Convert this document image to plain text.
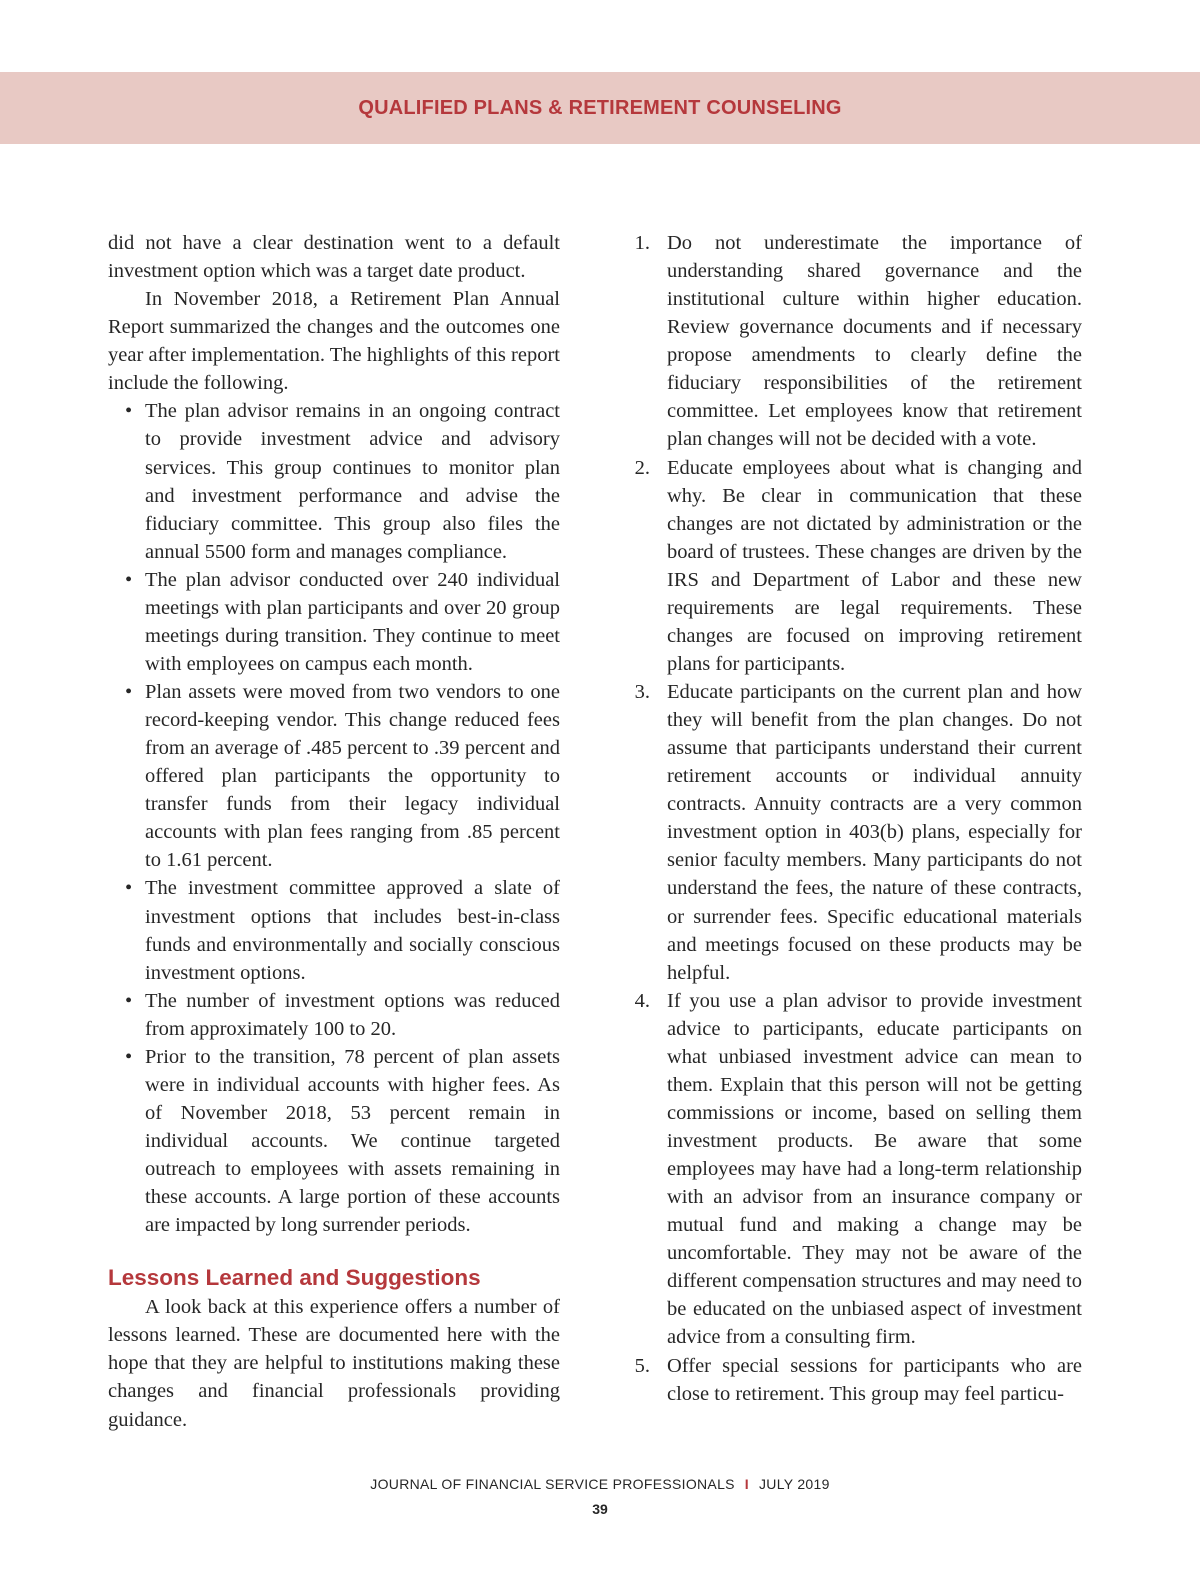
QUALIFIED PLANS & RETIREMENT COUNSELING

did not have a clear destination went to a default investment option which was a target date product.

In November 2018, a Retirement Plan Annual Report summarized the changes and the outcomes one year after implementation. The highlights of this report include the following.

• The plan advisor remains in an ongoing contract to provide investment advice and advisory services. This group continues to monitor plan and investment performance and advise the fiduciary committee. This group also files the annual 5500 form and manages compliance.
• The plan advisor conducted over 240 individual meetings with plan participants and over 20 group meetings during transition. They continue to meet with employees on campus each month.
• Plan assets were moved from two vendors to one record-keeping vendor. This change reduced fees from an average of .485 percent to .39 percent and offered plan participants the opportunity to transfer funds from their legacy individual accounts with plan fees ranging from .85 percent to 1.61 percent.
• The investment committee approved a slate of investment options that includes best-in-class funds and environmentally and socially conscious investment options.
• The number of investment options was reduced from approximately 100 to 20.
• Prior to the transition, 78 percent of plan assets were in individual accounts with higher fees. As of November 2018, 53 percent remain in individual accounts. We continue targeted outreach to employees with assets remaining in these accounts. A large portion of these accounts are impacted by long surrender periods.
Lessons Learned and Suggestions

A look back at this experience offers a number of lessons learned. These are documented here with the hope that they are helpful to institutions making these changes and financial professionals providing guidance.

1. Do not underestimate the importance of understanding shared governance and the institutional culture within higher education. Review governance documents and if necessary propose amendments to clearly define the fiduciary responsibilities of the retirement committee. Let employees know that retirement plan changes will not be decided with a vote.
2. Educate employees about what is changing and why. Be clear in communication that these changes are not dictated by administration or the board of trustees. These changes are driven by the IRS and Department of Labor and these new requirements are legal requirements. These changes are focused on improving retirement plans for participants.
3. Educate participants on the current plan and how they will benefit from the plan changes. Do not assume that participants understand their current retirement accounts or individual annuity contracts. Annuity contracts are a very common investment option in 403(b) plans, especially for senior faculty members. Many participants do not understand the fees, the nature of these contracts, or surrender fees. Specific educational materials and meetings focused on these products may be helpful.
4. If you use a plan advisor to provide investment advice to participants, educate participants on what unbiased investment advice can mean to them. Explain that this person will not be getting commissions or income, based on selling them investment products. Be aware that some employees may have had a long-term relationship with an advisor from an insurance company or mutual fund and making a change may be uncomfortable. They may not be aware of the different compensation structures and may need to be educated on the unbiased aspect of investment advice from a consulting firm.
5. Offer special sessions for participants who are close to retirement. This group may feel particu-
JOURNAL OF FINANCIAL SERVICE PROFESSIONALS I JULY 2019
39
